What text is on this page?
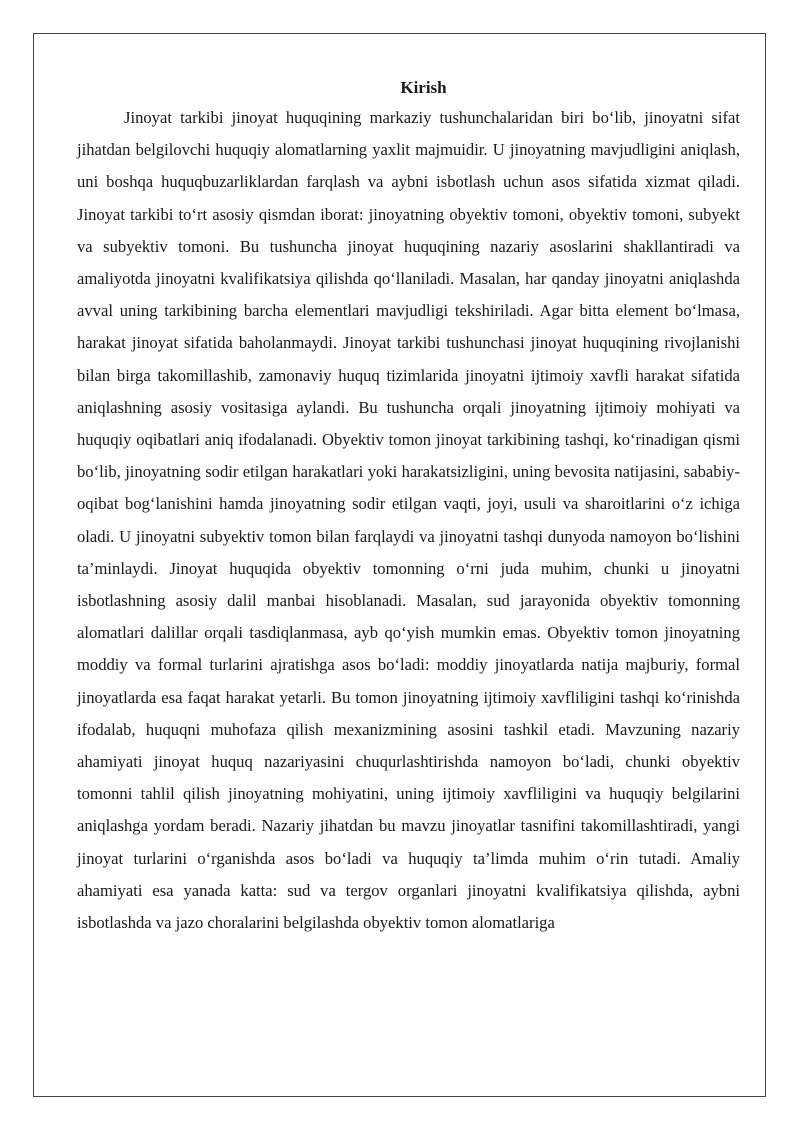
Kirish

Jinoyat tarkibi jinoyat huquqining markaziy tushunchalaridan biri bo‘lib, jinoyatni sifat jihatdan belgilovchi huquqiy alomatlarning yaxlit majmuidir. U jinoyatning mavjudligini aniqlash, uni boshqa huquqbuzarliklardan farqlash va aybni isbotlash uchun asos sifatida xizmat qiladi. Jinoyat tarkibi to‘rt asosiy qismdan iborat: jinoyatning obyektiv tomoni, obyektiv tomoni, subyekt va subyektiv tomoni. Bu tushuncha jinoyat huquqining nazariy asoslarini shakllantiradi va amaliyotda jinoyatni kvalifikatsiya qilishda qo‘llaniladi. Masalan, har qanday jinoyatni aniqlashda avval uning tarkibining barcha elementlari mavjudligi tekshiriladi. Agar bitta element bo‘lmasa, harakat jinoyat sifatida baholanmaydi. Jinoyat tarkibi tushunchasi jinoyat huquqining rivojlanishi bilan birga takomillashib, zamonaviy huquq tizimlarida jinoyatni ijtimoiy xavfli harakat sifatida aniqlashning asosiy vositasiga aylandi. Bu tushuncha orqali jinoyatning ijtimoiy mohiyati va huquqiy oqibatlari aniq ifodalanadi. Obyektiv tomon jinoyat tarkibining tashqi, ko‘rinadigan qismi bo‘lib, jinoyatning sodir etilgan harakatlari yoki harakatsizligini, uning bevosita natijasini, sababiy-oqibat bog‘lanishini hamda jinoyatning sodir etilgan vaqti, joyi, usuli va sharoitlarini o‘z ichiga oladi. U jinoyatni subyektiv tomon bilan farqlaydi va jinoyatni tashqi dunyoda namoyon bo‘lishini ta’minlaydi. Jinoyat huquqida obyektiv tomonning o‘rni juda muhim, chunki u jinoyatni isbotlashning asosiy dalil manbai hisoblanadi. Masalan, sud jarayonida obyektiv tomonning alomatlari dalillar orqali tasdiqlanmasa, ayb qo‘yish mumkin emas. Obyektiv tomon jinoyatning moddiy va formal turlarini ajratishga asos bo‘ladi: moddiy jinoyatlarda natija majburiy, formal jinoyatlarda esa faqat harakat yetarli. Bu tomon jinoyatning ijtimoiy xavfliligini tashqi ko‘rinishda ifodalab, huquqni muhofaza qilish mexanizmining asosini tashkil etadi. Mavzuning nazariy ahamiyati jinoyat huquq nazariyasini chuqurlashtirishda namoyon bo‘ladi, chunki obyektiv tomonni tahlil qilish jinoyatning mohiyatini, uning ijtimoiy xavfliligini va huquqiy belgilarini aniqlashga yordam beradi. Nazariy jihatdan bu mavzu jinoyatlar tasnifini takomillashtiradi, yangi jinoyat turlarini o‘rganishda asos bo‘ladi va huquqiy ta’limda muhim o‘rin tutadi. Amaliy ahamiyati esa yanada katta: sud va tergov organlari jinoyatni kvalifikatsiya qilishda, aybni isbotlashda va jazo choralarini belgilashda obyektiv tomon alomatlariga
